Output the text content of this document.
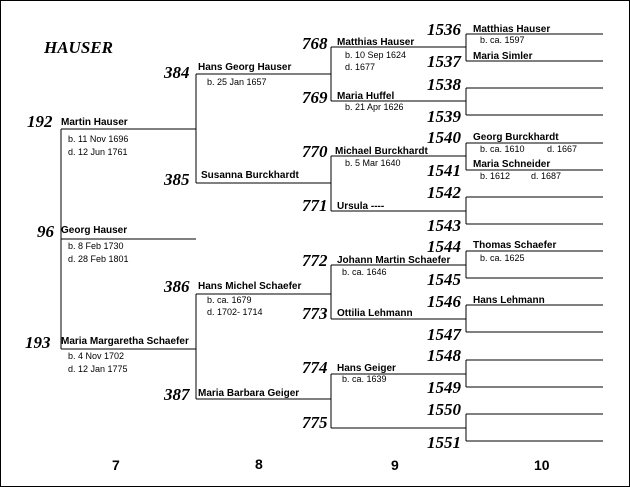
HAUSER
96 Georg Hauser
b. 8 Feb 1730
d. 28 Feb 1801
192 Martin Hauser
b. 11 Nov 1696
d. 12 Jun 1761
193 Maria Margaretha Schaefer
b. 4 Nov 1702
d. 12 Jan 1775
384 Hans Georg Hauser
b. 25 Jan 1657
385 Susanna Burckhardt
386 Hans Michel Schaefer
b. ca. 1679
d. 1702- 1714
387 Maria Barbara Geiger
768 Matthias Hauser
b. 10 Sep 1624
d. 1677
769 Maria Huffel
b. 21 Apr 1626
770 Michael Burckhardt
b. 5 Mar 1640
771 Ursula ----
772 Johann Martin Schaefer
b. ca. 1646
773 Ottilia Lehmann
774 Hans Geiger
b. ca. 1639
775
1536 Matthias Hauser
b. ca. 1597
1537 Maria Simler
1538
1539
1540 Georg Burckhardt
b. ca. 1610 d. 1667
1541 Maria Schneider
b. 1612 d. 1687
1542
1543
1544 Thomas Schaefer
b. ca. 1625
1545
1546 Hans Lehmann
1547
1548
1549
1550
1551
7	8	9	10
